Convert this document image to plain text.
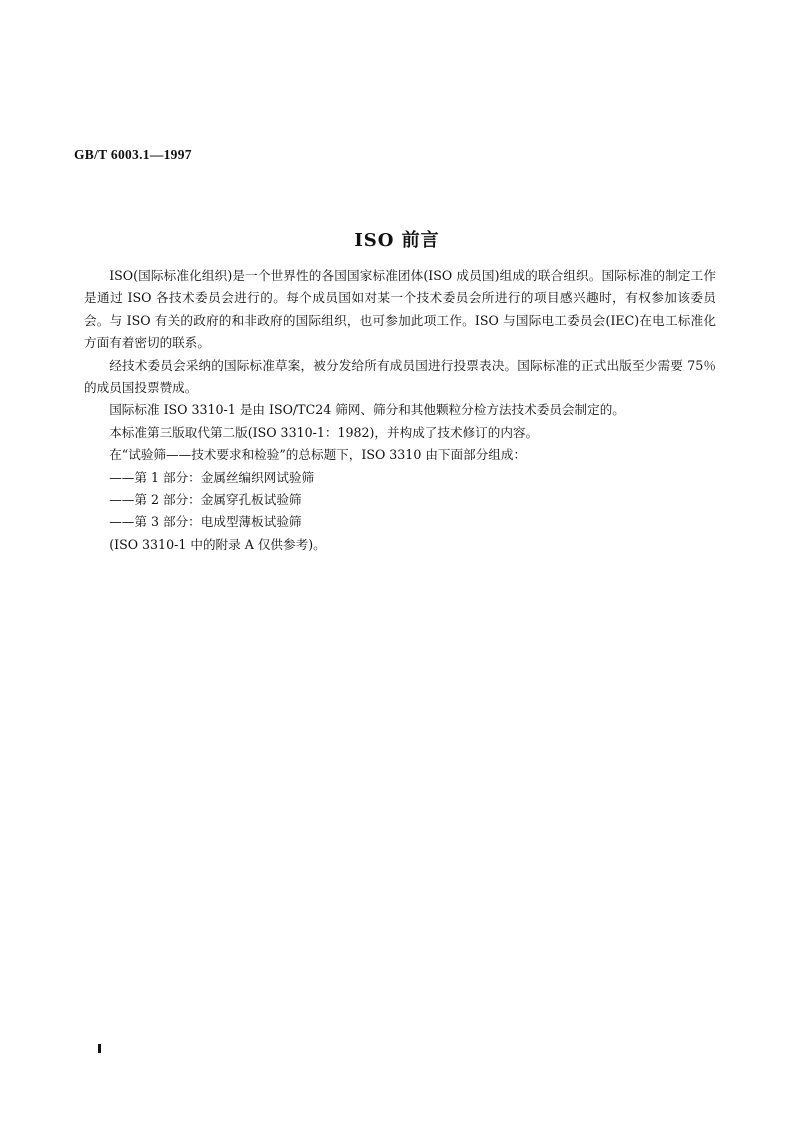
GB/T 6003.1—1997
ISO 前言

ISO(国际标准化组织)是一个世界性的各国国家标准团体(ISO 成员国)组成的联合组织。国际标准的制定工作是通过 ISO 各技术委员会进行的。每个成员国如对某一个技术委员会所进行的项目感兴趣时，有权参加该委员会。与 ISO 有关的政府的和非政府的国际组织，也可参加此项工作。ISO 与国际电工委员会(IEC)在电工标准化方面有着密切的联系。

经技术委员会采纳的国际标准草案，被分发给所有成员国进行投票表决。国际标准的正式出版至少需要 75％的成员国投票赞成。

国际标准 ISO 3310-1 是由 ISO/TC24 筛网、筛分和其他颗粒分检方法技术委员会制定的。

本标准第三版取代第二版(ISO 3310-1：1982)，并构成了技术修订的内容。

在“试验筛——技术要求和检验”的总标题下，ISO 3310 由下面部分组成：

——第 1 部分：金属丝编织网试验筛

——第 2 部分：金属穿孔板试验筛

——第 3 部分：电成型薄板试验筛

(ISO 3310-1 中的附录 A 仅供参考)。
